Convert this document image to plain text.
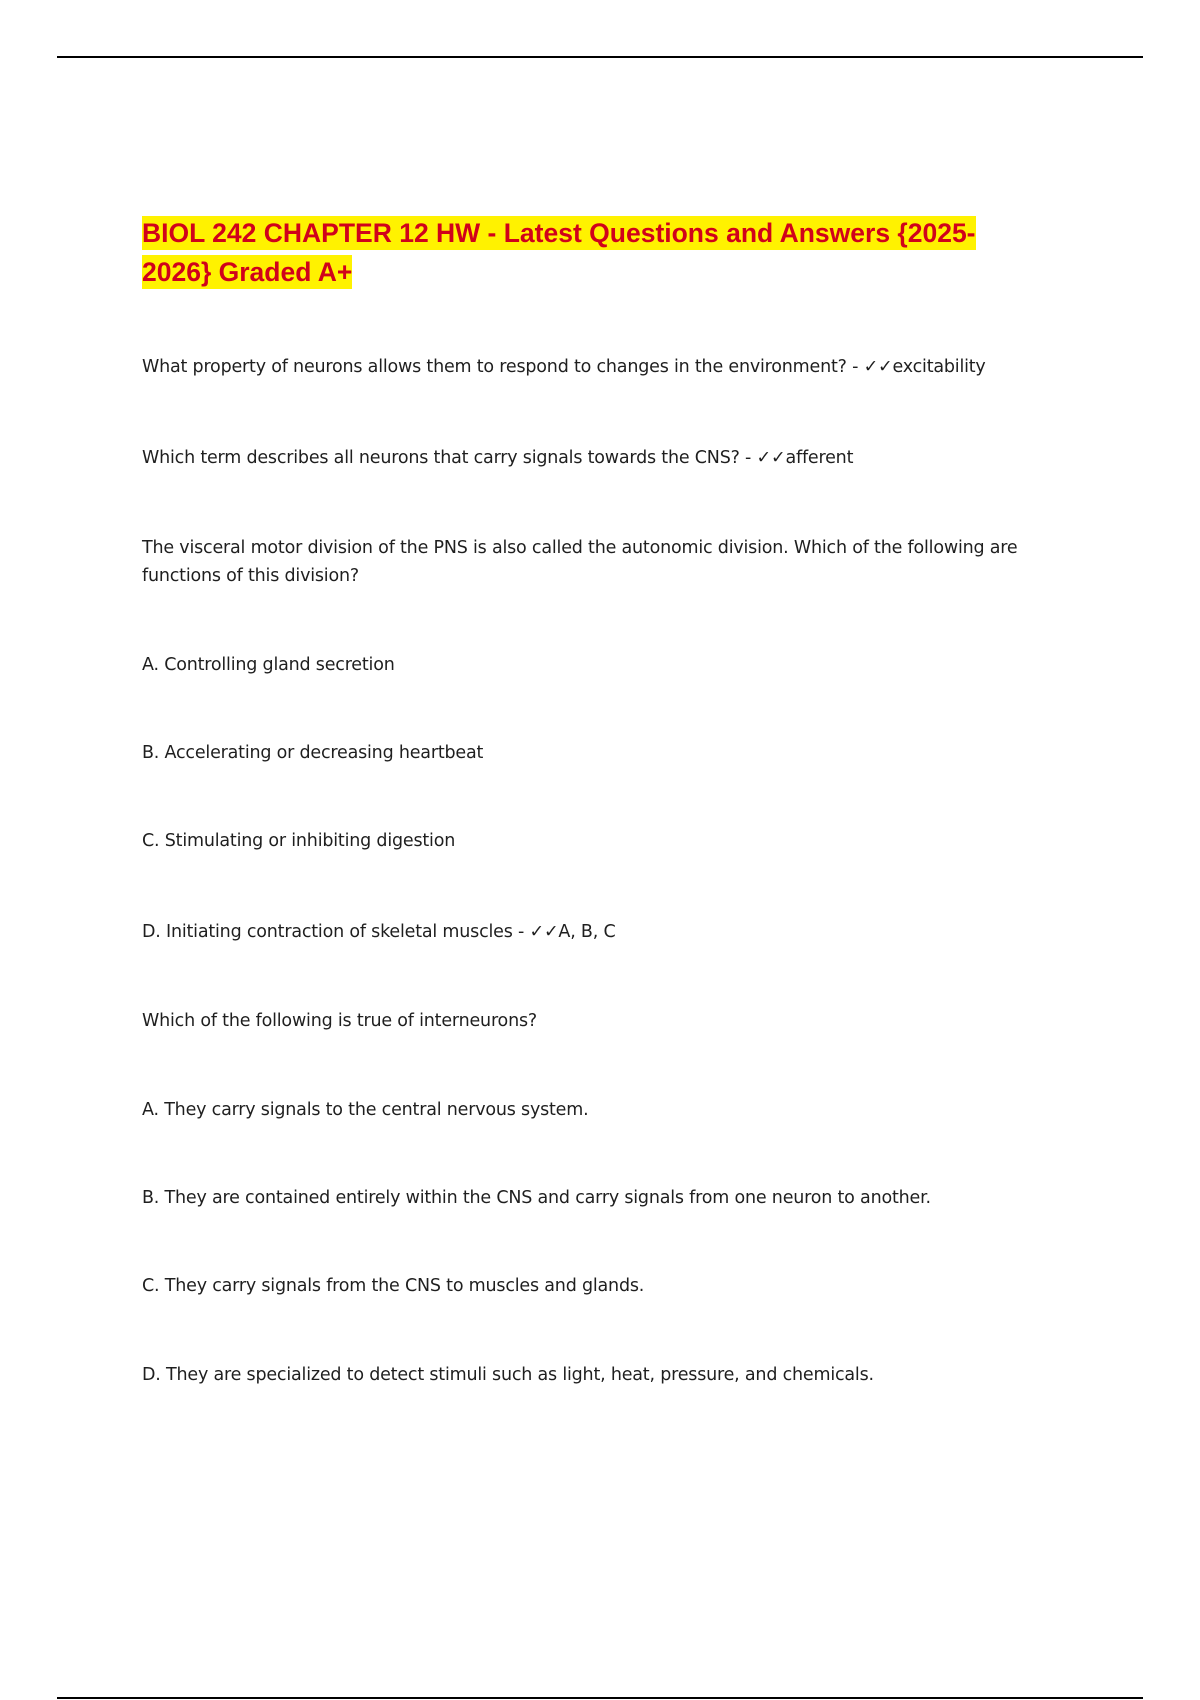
BIOL 242 CHAPTER 12 HW - Latest Questions and Answers {2025- 2026} Graded A+

What property of neurons allows them to respond to changes in the environment? - ✓✓excitability

Which term describes all neurons that carry signals towards the CNS? - ✓✓afferent

The visceral motor division of the PNS is also called the autonomic division. Which of the following are functions of this division?

A. Controlling gland secretion

B. Accelerating or decreasing heartbeat

C. Stimulating or inhibiting digestion

D. Initiating contraction of skeletal muscles - ✓✓A, B, C

Which of the following is true of interneurons?

A. They carry signals to the central nervous system.

B. They are contained entirely within the CNS and carry signals from one neuron to another.

C. They carry signals from the CNS to muscles and glands.

D. They are specialized to detect stimuli such as light, heat, pressure, and chemicals.
